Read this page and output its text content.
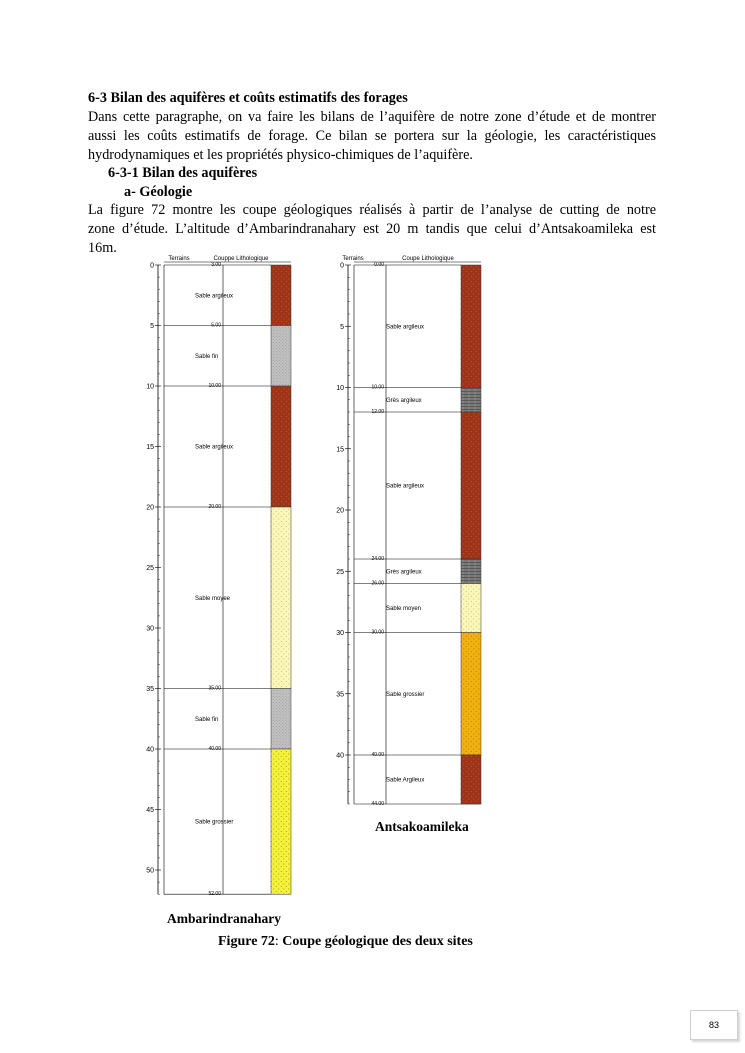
6-3 Bilan des aquifères et coûts estimatifs des forages
Dans cette paragraphe, on va faire les bilans de l’aquifère de notre zone d’étude et de montrer
aussi les coûts estimatifs de forage. Ce bilan se portera sur la géologie, les caractéristiques
hydrodynamiques et les propriétés physico-chimiques de l’aquifère.
6-3-1 Bilan des aquifères
a- Géologie
La figure 72 montre les coupe géologiques réalisés à partir de l’analyse de cutting de notre
zone d’étude. L’altitude d’Ambarindranahary est 20 m tandis que celui d’Antsakoamileka est
16m.
Terrains	Couppe Lithologique
0
5
10
15
20
25
30
35
40
45
50
3.00
Sable argileux
5.00
Sable fin
10.00
Sable argileux
20.00
Sable moyee
35.00
Sable fin
40.00
Sable grossier
52.00
Ambarindranahary
Terrains	Coupe Lithologique
0
5
10
15
20
25
30
35
40
0.00
Sable argileux
10.00
Grès argileux
12.00
Sable argileux
24.00
Grès argileux
26.00
Sable moyen
30.00
Sable grossier
40.00
Sable Argileux
44.00
Antsakoamileka
Figure 72: Coupe géologique des deux sites
83
